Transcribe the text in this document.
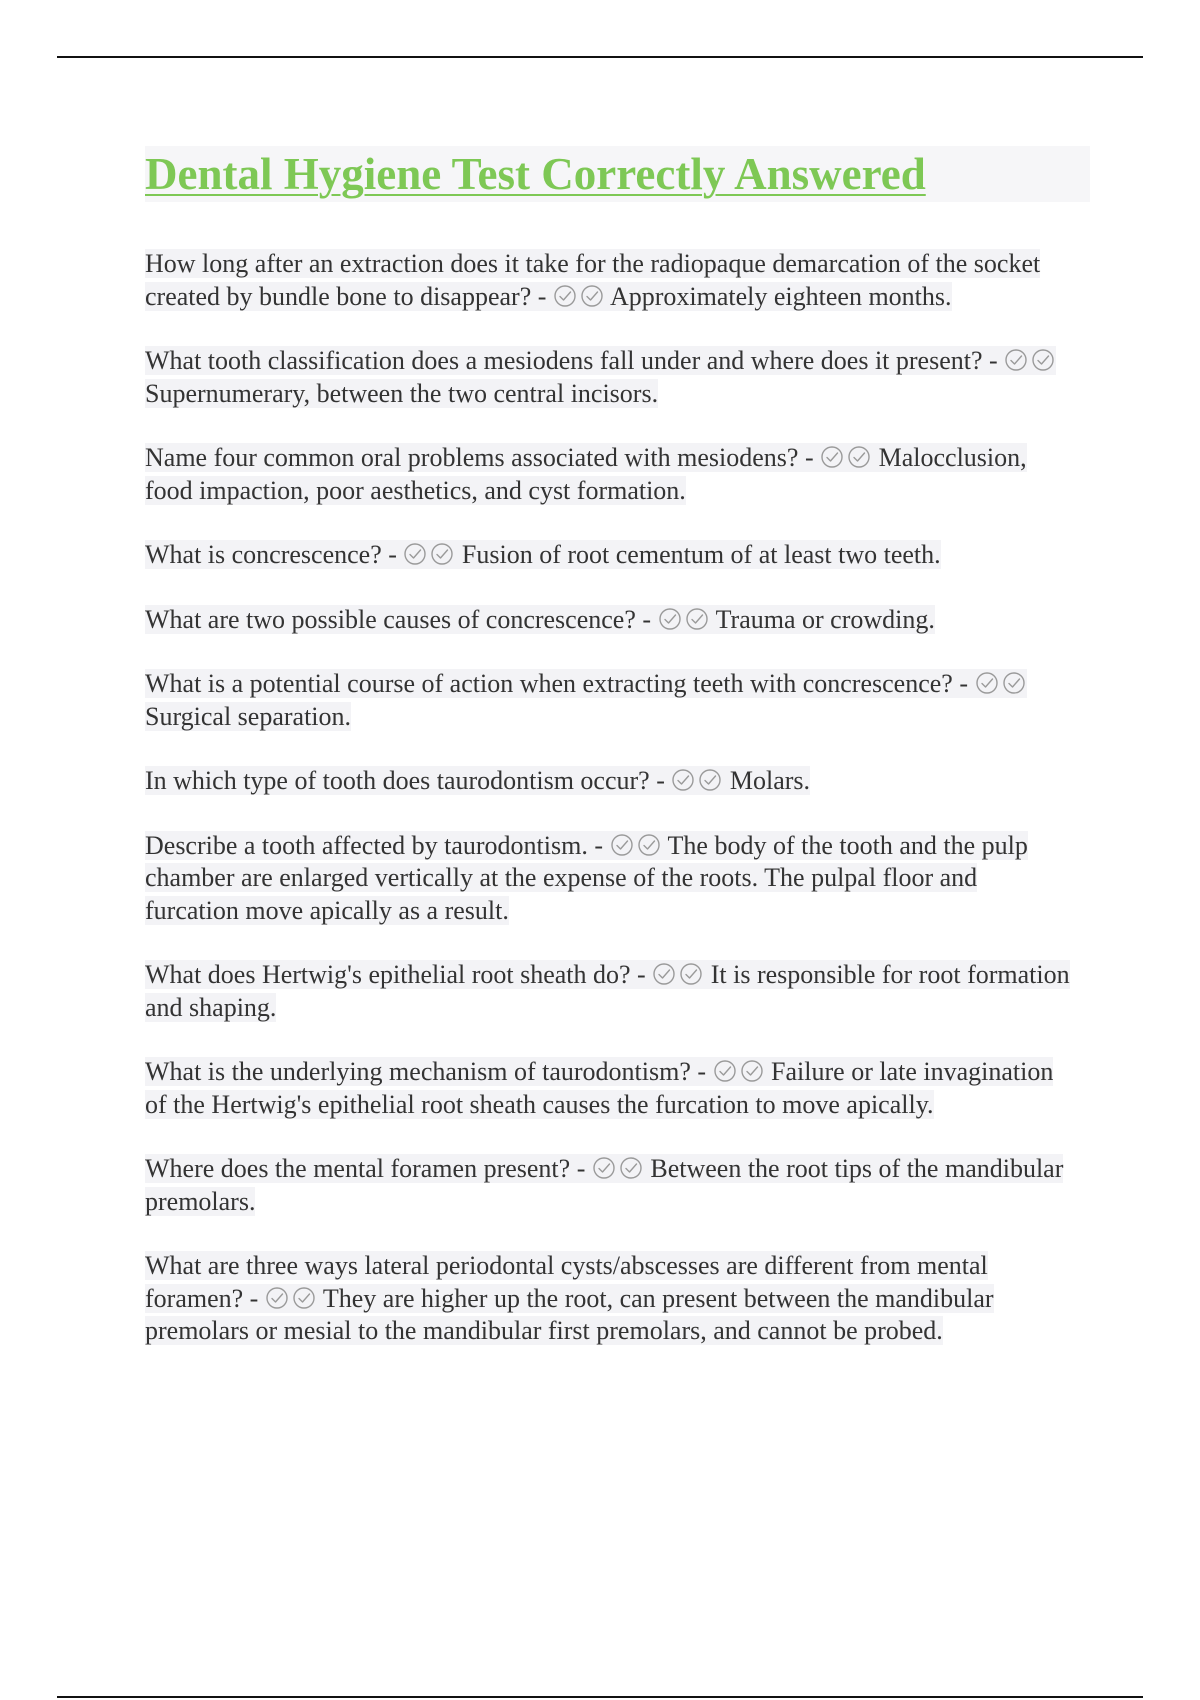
Dental Hygiene Test Correctly Answered

How long after an extraction does it take for the radiopaque demarcation of the socket created by bundle bone to disappear? -
Approximately eighteen months.

What tooth classification does a mesiodens fall under and where does it present? -
Supernumerary, between the two central incisors.

Name four common oral problems associated with mesiodens? -
Malocclusion, food impaction, poor aesthetics, and cyst formation.

What is concrescence? -
Fusion of root cementum of at least two teeth.

What are two possible causes of concrescence? -
Trauma or crowding.

What is a potential course of action when extracting teeth with concrescence? -
Surgical separation.

In which type of tooth does taurodontism occur? -
Molars.

Describe a tooth affected by taurodontism. -
The body of the tooth and the pulp chamber are enlarged vertically at the expense of the roots. The pulpal floor and furcation move apically as a result.

What does Hertwig's epithelial root sheath do? -
It is responsible for root formation and shaping.

What is the underlying mechanism of taurodontism? -
Failure or late invagination of the Hertwig's epithelial root sheath causes the furcation to move apically.

Where does the mental foramen present? -
Between the root tips of the mandibular premolars.

What are three ways lateral periodontal cysts/abscesses are different from mental foramen? -
They are higher up the root, can present between the mandibular premolars or mesial to the mandibular first premolars, and cannot be probed.
